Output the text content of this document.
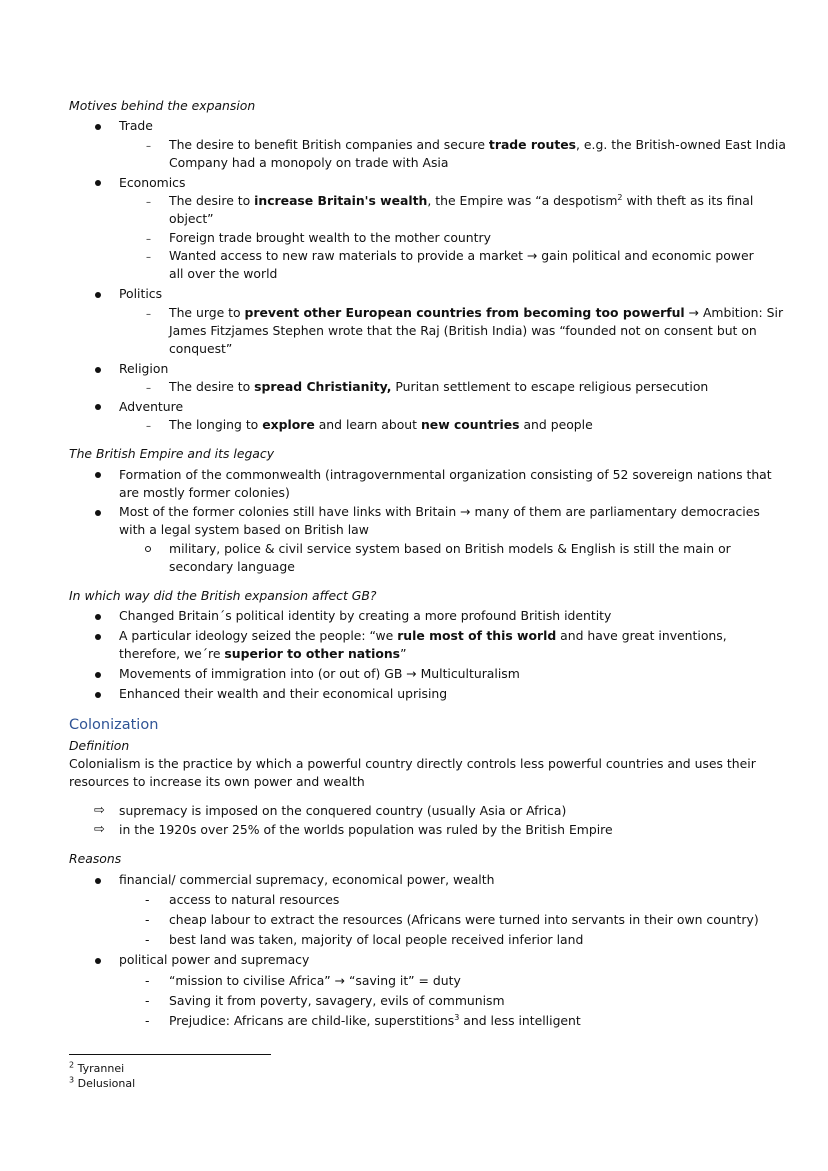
Motives behind the expansion
Trade
– The desire to benefit British companies and secure trade routes, e.g. the British-owned East India
Company had a monopoly on trade with Asia
Economics
– The desire to increase Britain's wealth, the Empire was “a despotism$^2$ with theft as its final
object”
– Foreign trade brought wealth to the mother country
– Wanted access to new raw materials to provide a market → gain political and economic power
all over the world
Politics
– The urge to prevent other European countries from becoming too powerful → Ambition: Sir
James Fitzjames Stephen wrote that the Raj (British India) was “founded not on consent but on
conquest”
Religion
– The desire to spread Christianity, Puritan settlement to escape religious persecution
Adventure
– The longing to explore and learn about new countries and people
The British Empire and its legacy
Formation of the commonwealth (intragovernmental organization consisting of 52 sovereign nations that
are mostly former colonies)
Most of the former colonies still have links with Britain → many of them are parliamentary democracies
with a legal system based on British law
military, police & civil service system based on British models & English is still the main or
secondary language
In which way did the British expansion affect GB?
Changed Britain´s political identity by creating a more profound British identity
A particular ideology seized the people: “we rule most of this world and have great inventions,
therefore, we´re superior to other nations”
Movements of immigration into (or out of) GB → Multiculturalism
Enhanced their wealth and their economical uprising
Colonization
Definition
Colonialism is the practice by which a powerful country directly controls less powerful countries and uses their
resources to increase its own power and wealth
⇨ supremacy is imposed on the conquered country (usually Asia or Africa)
⇨ in the 1920s over 25% of the worlds population was ruled by the British Empire
Reasons
financial/ commercial supremacy, economical power, wealth
- access to natural resources
- cheap labour to extract the resources (Africans were turned into servants in their own country)
- best land was taken, majority of local people received inferior land
political power and supremacy
- “mission to civilise Africa” → “saving it” = duty
- Saving it from poverty, savagery, evils of communism
- Prejudice: Africans are child-like, superstitions$^3$ and less intelligent
$^2$ Tyrannei
$^3$ Delusional
